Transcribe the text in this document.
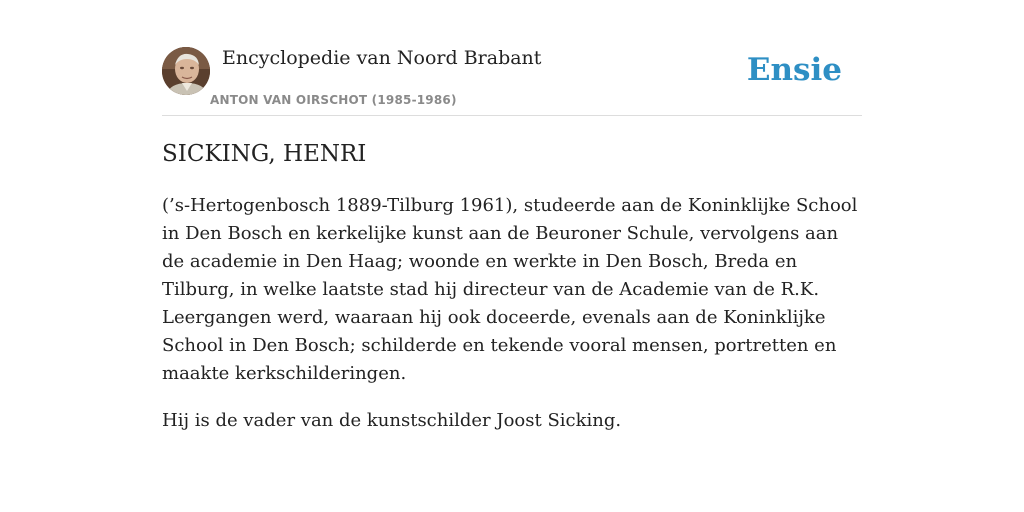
Encyclopedie van Noord Brabant
ANTON VAN OIRSCHOT (1985-1986)
Ensie
SICKING, HENRI

(’s-Hertogenbosch 1889-Tilburg 1961), studeerde aan de Koninklijke School in Den Bosch en kerkelijke kunst aan de Beuroner Schule, vervolgens aan de academie in Den Haag; woonde en werkte in Den Bosch, Breda en Tilburg, in welke laatste stad hij directeur van de Academie van de R.K. Leergangen werd, waaraan hij ook doceerde, evenals aan de Koninklijke School in Den Bosch; schilderde en tekende vooral mensen, portretten en maakte kerkschilderingen.

Hij is de vader van de kunstschilder Joost Sicking.
